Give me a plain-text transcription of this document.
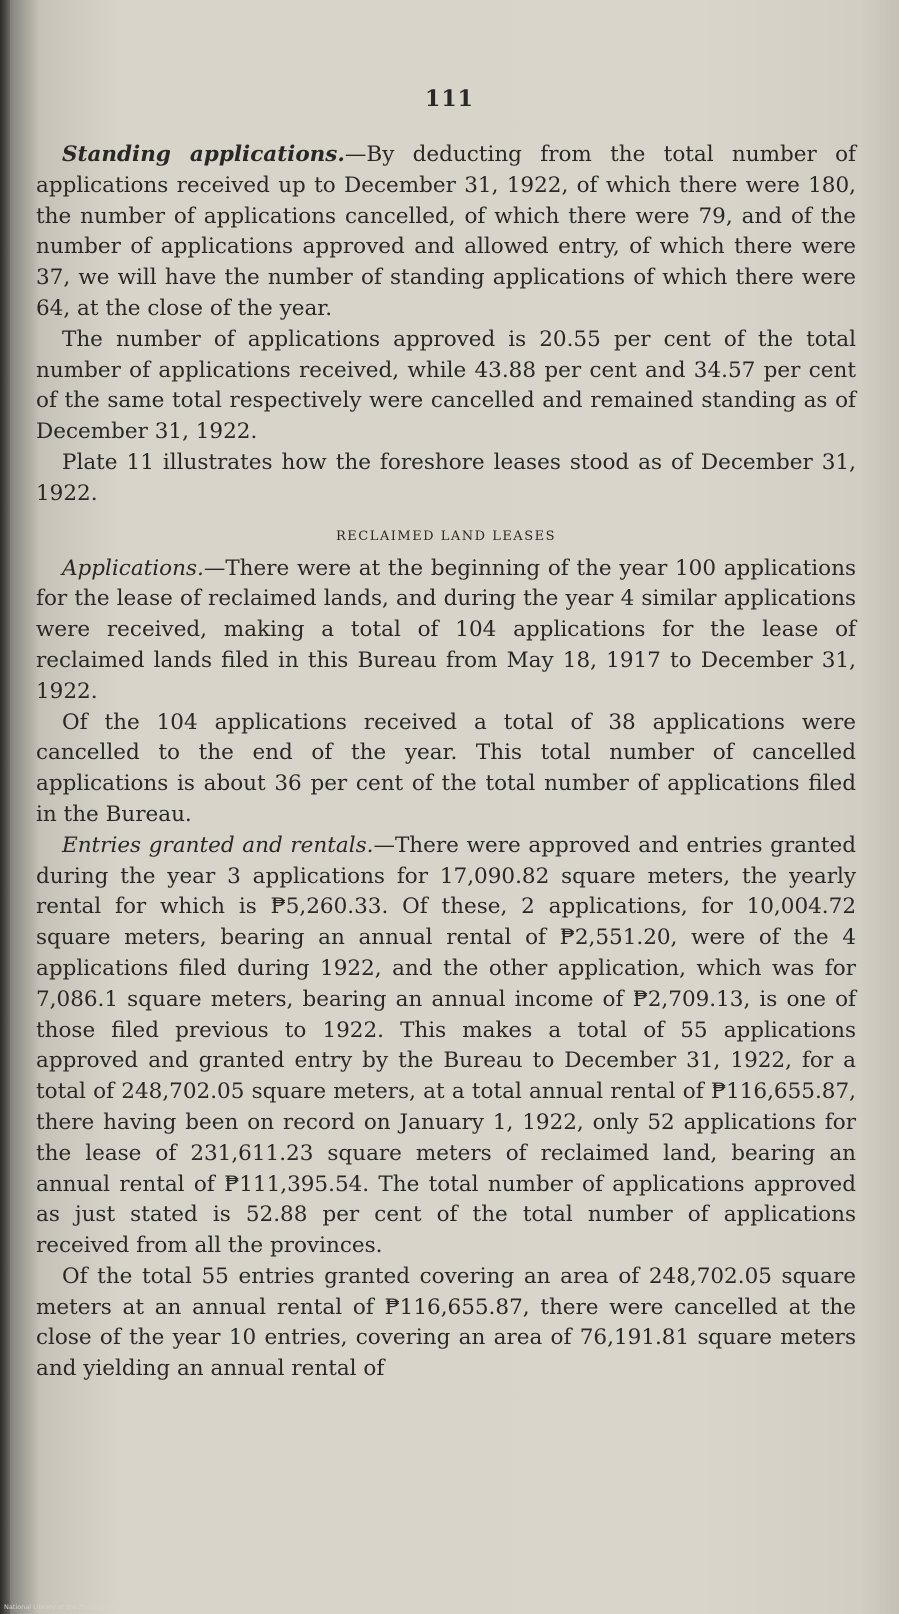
111

Standing applications.—By deducting from the total number of applications received up to December 31, 1922, of which there were 180, the number of applications cancelled, of which there were 79, and of the number of applications approved and allowed entry, of which there were 37, we will have the number of standing applications of which there were 64, at the close of the year.

The number of applications approved is 20.55 per cent of the total number of applications received, while 43.88 per cent and 34.57 per cent of the same total respectively were cancelled and remained standing as of December 31, 1922.

Plate 11 illustrates how the foreshore leases stood as of December 31, 1922.

RECLAIMED LAND LEASES

Applications.—There were at the beginning of the year 100 applications for the lease of reclaimed lands, and during the year 4 similar applications were received, making a total of 104 applications for the lease of reclaimed lands filed in this Bureau from May 18, 1917 to December 31, 1922.

Of the 104 applications received a total of 38 applications were cancelled to the end of the year. This total number of cancelled applications is about 36 per cent of the total number of applications filed in the Bureau.

Entries granted and rentals.—There were approved and entries granted during the year 3 applications for 17,090.82 square meters, the yearly rental for which is ₱5,260.33. Of these, 2 applications, for 10,004.72 square meters, bearing an annual rental of ₱2,551.20, were of the 4 applications filed during 1922, and the other application, which was for 7,086.1 square meters, bearing an annual income of ₱2,709.13, is one of those filed previous to 1922. This makes a total of 55 applications approved and granted entry by the Bureau to December 31, 1922, for a total of 248,702.05 square meters, at a total annual rental of ₱116,655.87, there having been on record on January 1, 1922, only 52 applications for the lease of 231,611.23 square meters of reclaimed land, bearing an annual rental of ₱111,395.54. The total number of applications approved as just stated is 52.88 per cent of the total number of applications received from all the provinces.

Of the total 55 entries granted covering an area of 248,702.05 square meters at an annual rental of ₱116,655.87, there were cancelled at the close of the year 10 entries, covering an area of 76,191.81 square meters and yielding an annual rental of

National Library of the Philippines · D114P000135300111 tif
